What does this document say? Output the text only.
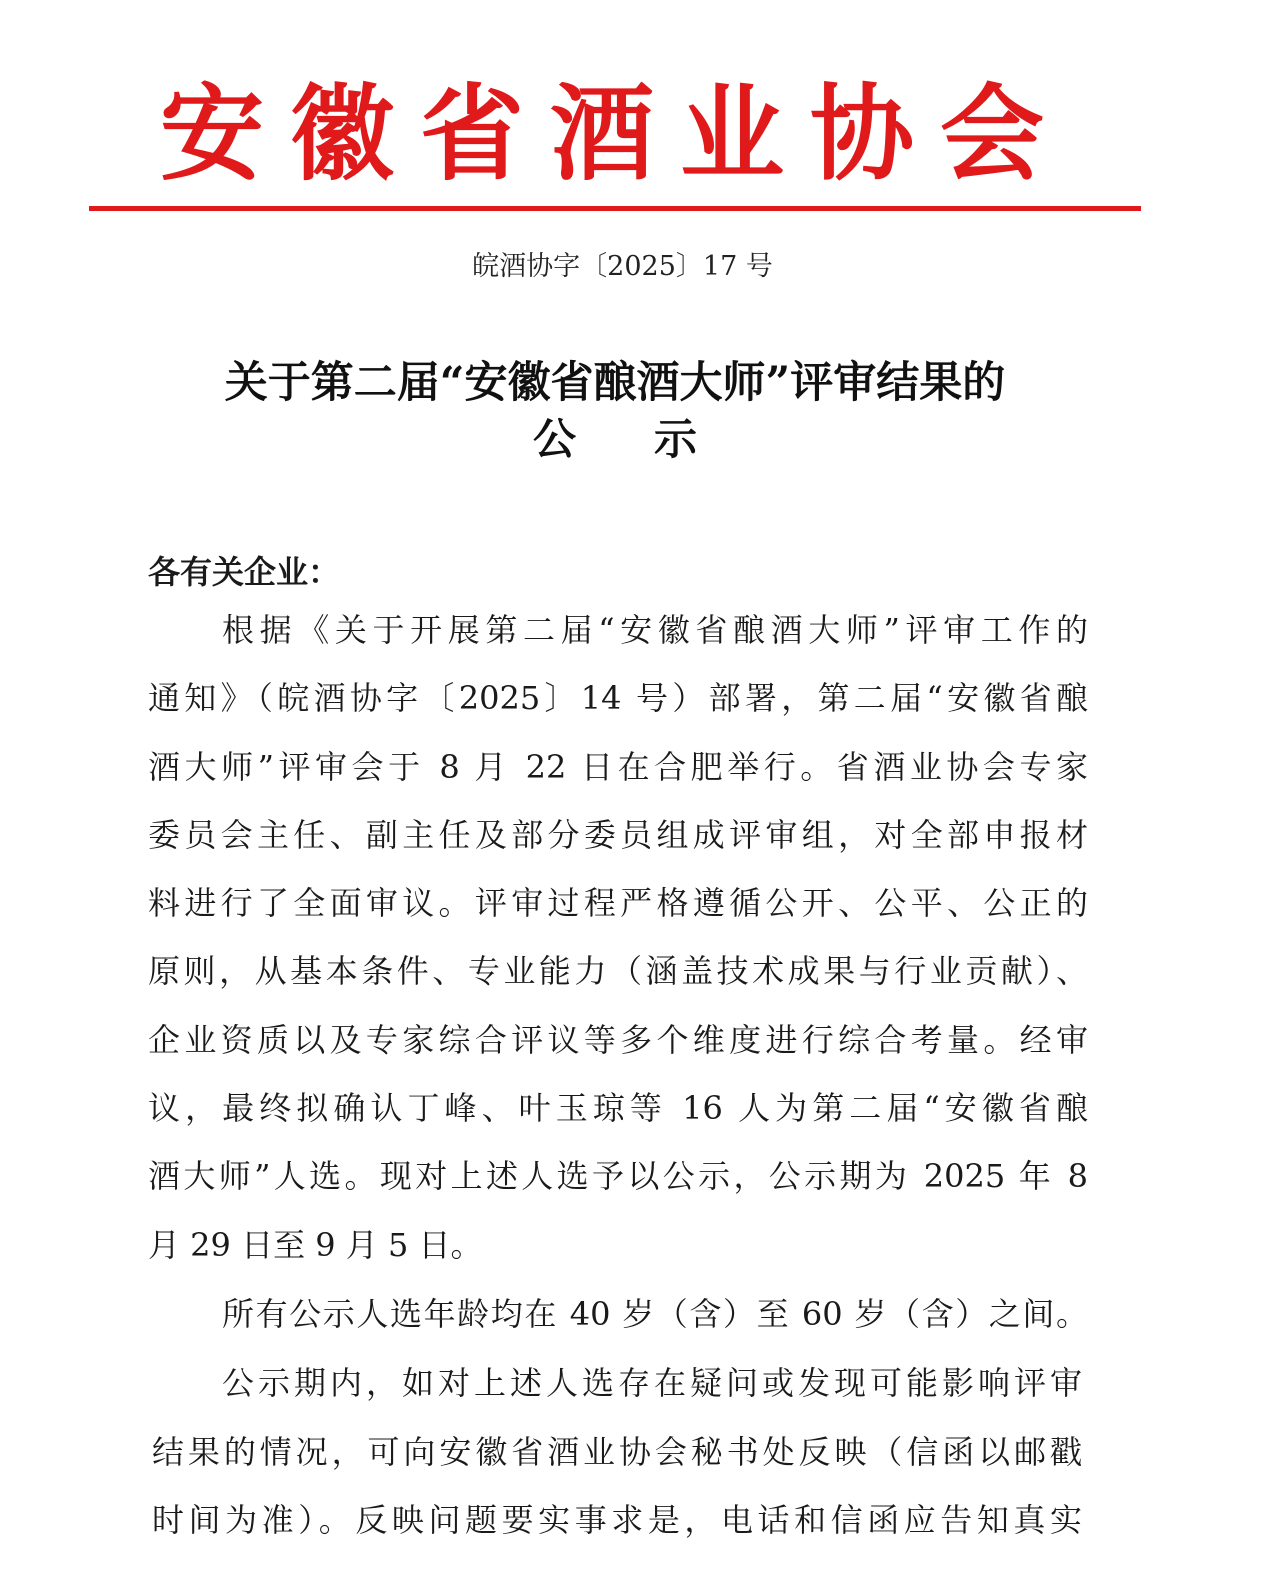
安徽省酒业协会
皖酒协字〔2025〕17 号
关于第二届“安徽省酿酒大师”评审结果的
公示
各有关企业：
根据《关于开展第二届“安徽省酿酒大师”评审工作的
通知》（皖酒协字〔2025〕14 号）部署，第二届“安徽省酿
酒大师”评审会于 8 月 22 日在合肥举行。省酒业协会专家
委员会主任、副主任及部分委员组成评审组，对全部申报材
料进行了全面审议。评审过程严格遵循公开、公平、公正的
原则，从基本条件、专业能力（涵盖技术成果与行业贡献）、
企业资质以及专家综合评议等多个维度进行综合考量。经审
议，最终拟确认丁峰、叶玉琼等 16 人为第二届“安徽省酿
酒大师”人选。现对上述人选予以公示，公示期为 2025 年 8
月 29 日至 9 月 5 日。
所有公示人选年龄均在 40 岁（含）至 60 岁（含）之间。
公示期内，如对上述人选存在疑问或发现可能影响评审
结果的情况，可向安徽省酒业协会秘书处反映（信函以邮戳
时间为准）。反映问题要实事求是，电话和信函应告知真实
